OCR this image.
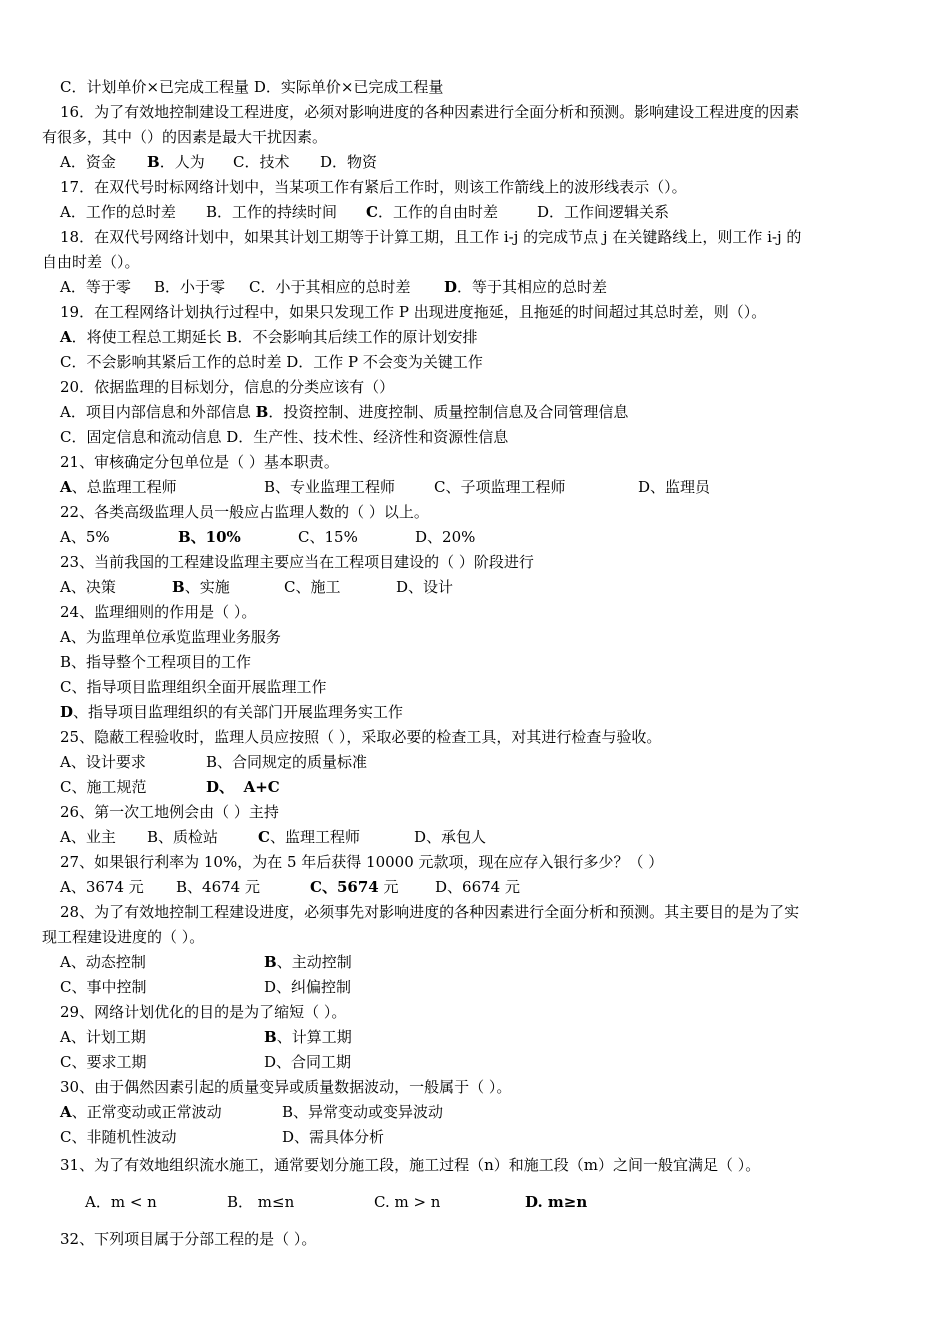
C．计划单价×已完成工程量 D．实际单价×已完成工程量
16．为了有效地控制建设工程进度，必须对影响进度的各种因素进行全面分析和预测。影响建设工程进度的因素
有很多，其中（）的因素是最大干扰因素。
A．资金 B．人为 C．技术 D．物资
17．在双代号时标网络计划中，当某项工作有紧后工作时，则该工作箭线上的波形线表示（）。
A．工作的总时差 B．工作的持续时间 C．工作的自由时差	D．工作间逻辑关系
18．在双代号网络计划中，如果其计划工期等于计算工期，且工作 i-j 的完成节点 j 在关键路线上，则工作 i-j 的
自由时差（）。
A．等于零 B．小于零 C．小于其相应的总时差 D．等于其相应的总时差
19．在工程网络计划执行过程中，如果只发现工作 P 出现进度拖延，且拖延的时间超过其总时差，则（）。
A．将使工程总工期延长 B．不会影响其后续工作的原计划安排
C．不会影响其紧后工作的总时差 D．工作 P 不会变为关键工作
20．依据监理的目标划分，信息的分类应该有（）
A．项目内部信息和外部信息 B．投资控制、进度控制、质量控制信息及合同管理信息
C．固定信息和流动信息 D．生产性、技术性、经济性和资源性信息
21、审核确定分包单位是（ ）基本职责。
A、总监理工程师	B、专业监理工程师	C、子项监理工程师	D、监理员
22、各类高级监理人员一般应占监理人数的（ ）以上。
A、5%	B、10%	C、15%	D、20%
23、当前我国的工程建设监理主要应当在工程项目建设的（ ）阶段进行
A、决策	B、实施	C、施工	D、设计
24、监理细则的作用是（ ）。
A、为监理单位承览监理业务服务
B、指导整个工程项目的工作
C、指导项目监理组织全面开展监理工作
D、指导项目监理组织的有关部门开展监理务实工作
25、隐蔽工程验收时，监理人员应按照（ ），采取必要的检查工具，对其进行检查与验收。
A、设计要求	B、合同规定的质量标准
C、施工规范	D、 A+C
26、第一次工地例会由（ ）主持
A、业主 B、质检站	C、监理工程师	D、承包人
27、如果银行利率为 10%，为在 5 年后获得 10000 元款项，现在应存入银行多少？（ ）
A、3674 元 B、4674 元	C、5674 元 D、6674 元
28、为了有效地控制工程建设进度，必须事先对影响进度的各种因素进行全面分析和预测。其主要目的是为了实
现工程建设进度的（ ）。
A、动态控制	B、主动控制
C、事中控制	D、纠偏控制
29、网络计划优化的目的是为了缩短（ ）。
A、计划工期	B、计算工期
C、要求工期	D、合同工期
30、由于偶然因素引起的质量变异或质量数据波动，一般属于（ ）。
A、正常变动或正常波动	B、异常变动或变异波动
C、非随机性波动	D、需具体分析
31、为了有效地组织流水施工，通常要划分施工段，施工过程（n）和施工段（m）之间一般宜满足（ ）。
A．m < n	B． m≤n	C. m > n	D. m≥n
32、下列项目属于分部工程的是（ ）。
